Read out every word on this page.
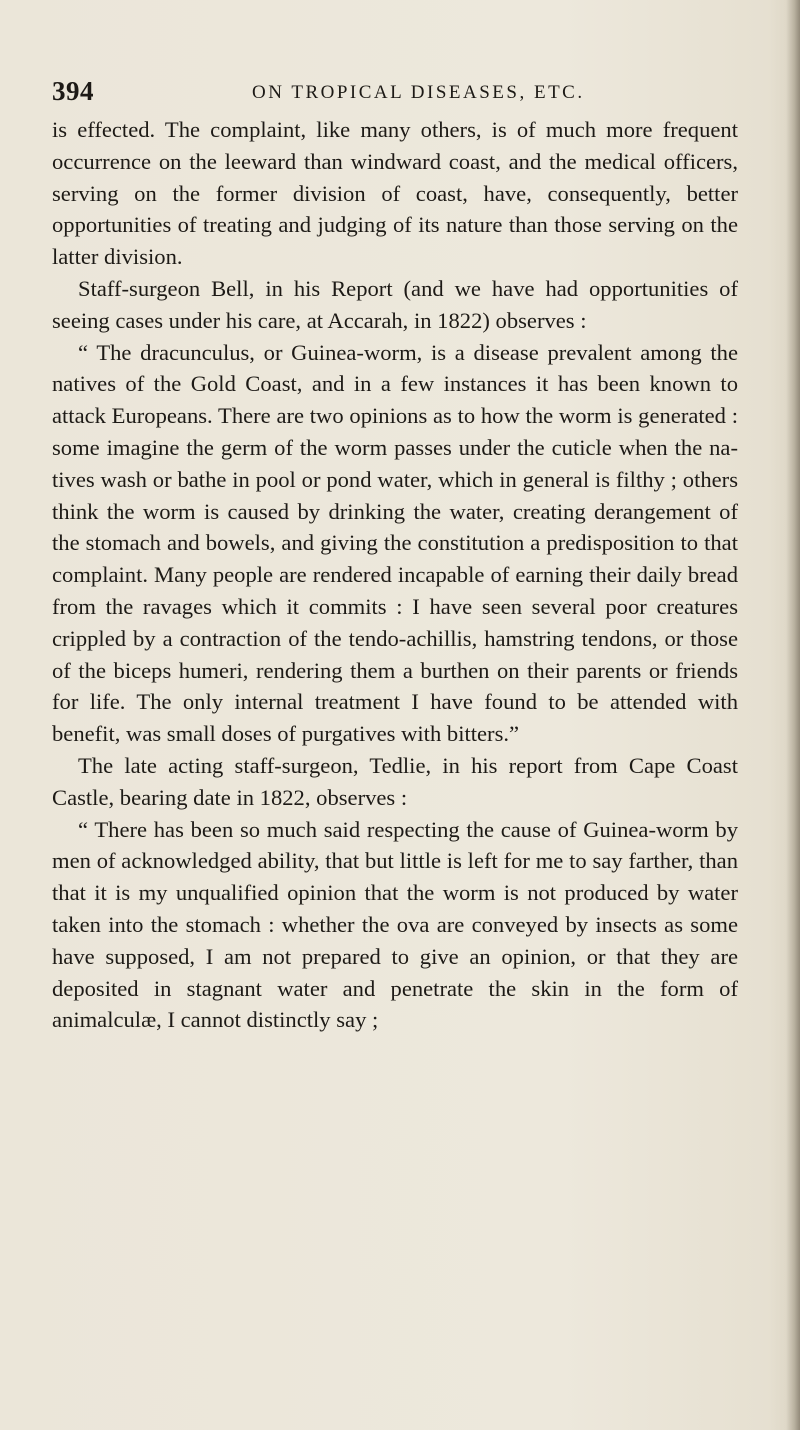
394	ON TROPICAL DISEASES, ETC.

is effected. The complaint, like many others, is of much more frequent occurrence on the leeward than windward coast, and the medical officers, serving on the former division of coast, have, consequently, better opportunities of treating and judging of its nature than those serving on the latter division.

Staff-surgeon Bell, in his Report (and we have had opportunities of seeing cases under his care, at Accarah, in 1822) observes :

“ The dracunculus, or Guinea-worm, is a disease prevalent among the natives of the Gold Coast, and in a few instances it has been known to attack Europeans. There are two opinions as to how the worm is generated : some imagine the germ of the worm passes under the cuticle when the natives wash or bathe in pool or pond water, which in general is filthy ; others think the worm is caused by drinking the water, creating derangement of the stomach and bowels, and giving the constitution a predisposition to that complaint. Many people are rendered incapable of earning their daily bread from the ravages which it commits : I have seen several poor creatures crippled by a contraction of the tendo-achillis, hamstring tendons, or those of the biceps humeri, rendering them a burthen on their parents or friends for life. The only internal treatment I have found to be attended with benefit, was small doses of purgatives with bitters.”

The late acting staff-surgeon, Tedlie, in his report from Cape Coast Castle, bearing date in 1822, observes :

“ There has been so much said respecting the cause of Guinea-worm by men of acknowledged ability, that but little is left for me to say farther, than that it is my unqualified opinion that the worm is not produced by water taken into the stomach : whether the ova are conveyed by insects as some have supposed, I am not prepared to give an opinion, or that they are deposited in stagnant water and penetrate the skin in the form of animalculæ, I cannot distinctly say ;
